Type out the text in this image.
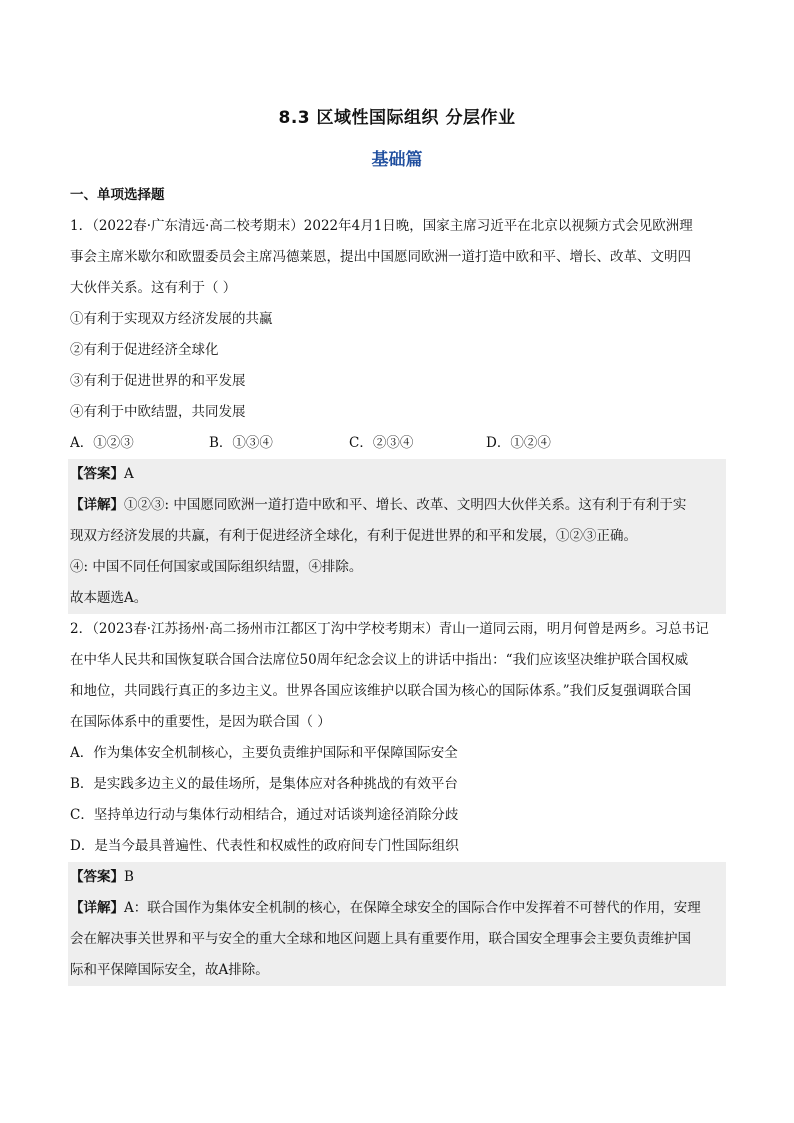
8.3 区域性国际组织 分层作业
基础篇
一、单项选择题
1．（2022春·广东清远·高二校考期末）2022年4月1日晚，国家主席习近平在北京以视频方式会见欧洲理
事会主席米歇尔和欧盟委员会主席冯德莱恩，提出中国愿同欧洲一道打造中欧和平、增长、改革、文明四
大伙伴关系。这有利于（ ）
①有利于实现双方经济发展的共赢
②有利于促进经济全球化
③有利于促进世界的和平发展
④有利于中欧结盟，共同发展
A．①②③	B．①③④	C．②③④	D．①②④
【答案】A
【详解】①②③: 中国愿同欧洲一道打造中欧和平、增长、改革、文明四大伙伴关系。这有利于有利于实
现双方经济发展的共赢，有利于促进经济全球化，有利于促进世界的和平和发展，①②③正确。
④: 中国不同任何国家或国际组织结盟，④排除。
故本题选A。
2．（2023春·江苏扬州·高二扬州市江都区丁沟中学校考期末）青山一道同云雨，明月何曾是两乡。习总书记
在中华人民共和国恢复联合国合法席位50周年纪念会议上的讲话中指出：“我们应该坚决维护联合国权威
和地位，共同践行真正的多边主义。世界各国应该维护以联合国为核心的国际体系。”我们反复强调联合国
在国际体系中的重要性，是因为联合国（ ）
A．作为集体安全机制核心，主要负责维护国际和平保障国际安全
B．是实践多边主义的最佳场所，是集体应对各种挑战的有效平台
C．坚持单边行动与集体行动相结合，通过对话谈判途径消除分歧
D．是当今最具普遍性、代表性和权威性的政府间专门性国际组织
【答案】B
【详解】A：联合国作为集体安全机制的核心，在保障全球安全的国际合作中发挥着不可替代的作用，安理
会在解决事关世界和平与安全的重大全球和地区问题上具有重要作用，联合国安全理事会主要负责维护国
际和平保障国际安全，故A排除。
